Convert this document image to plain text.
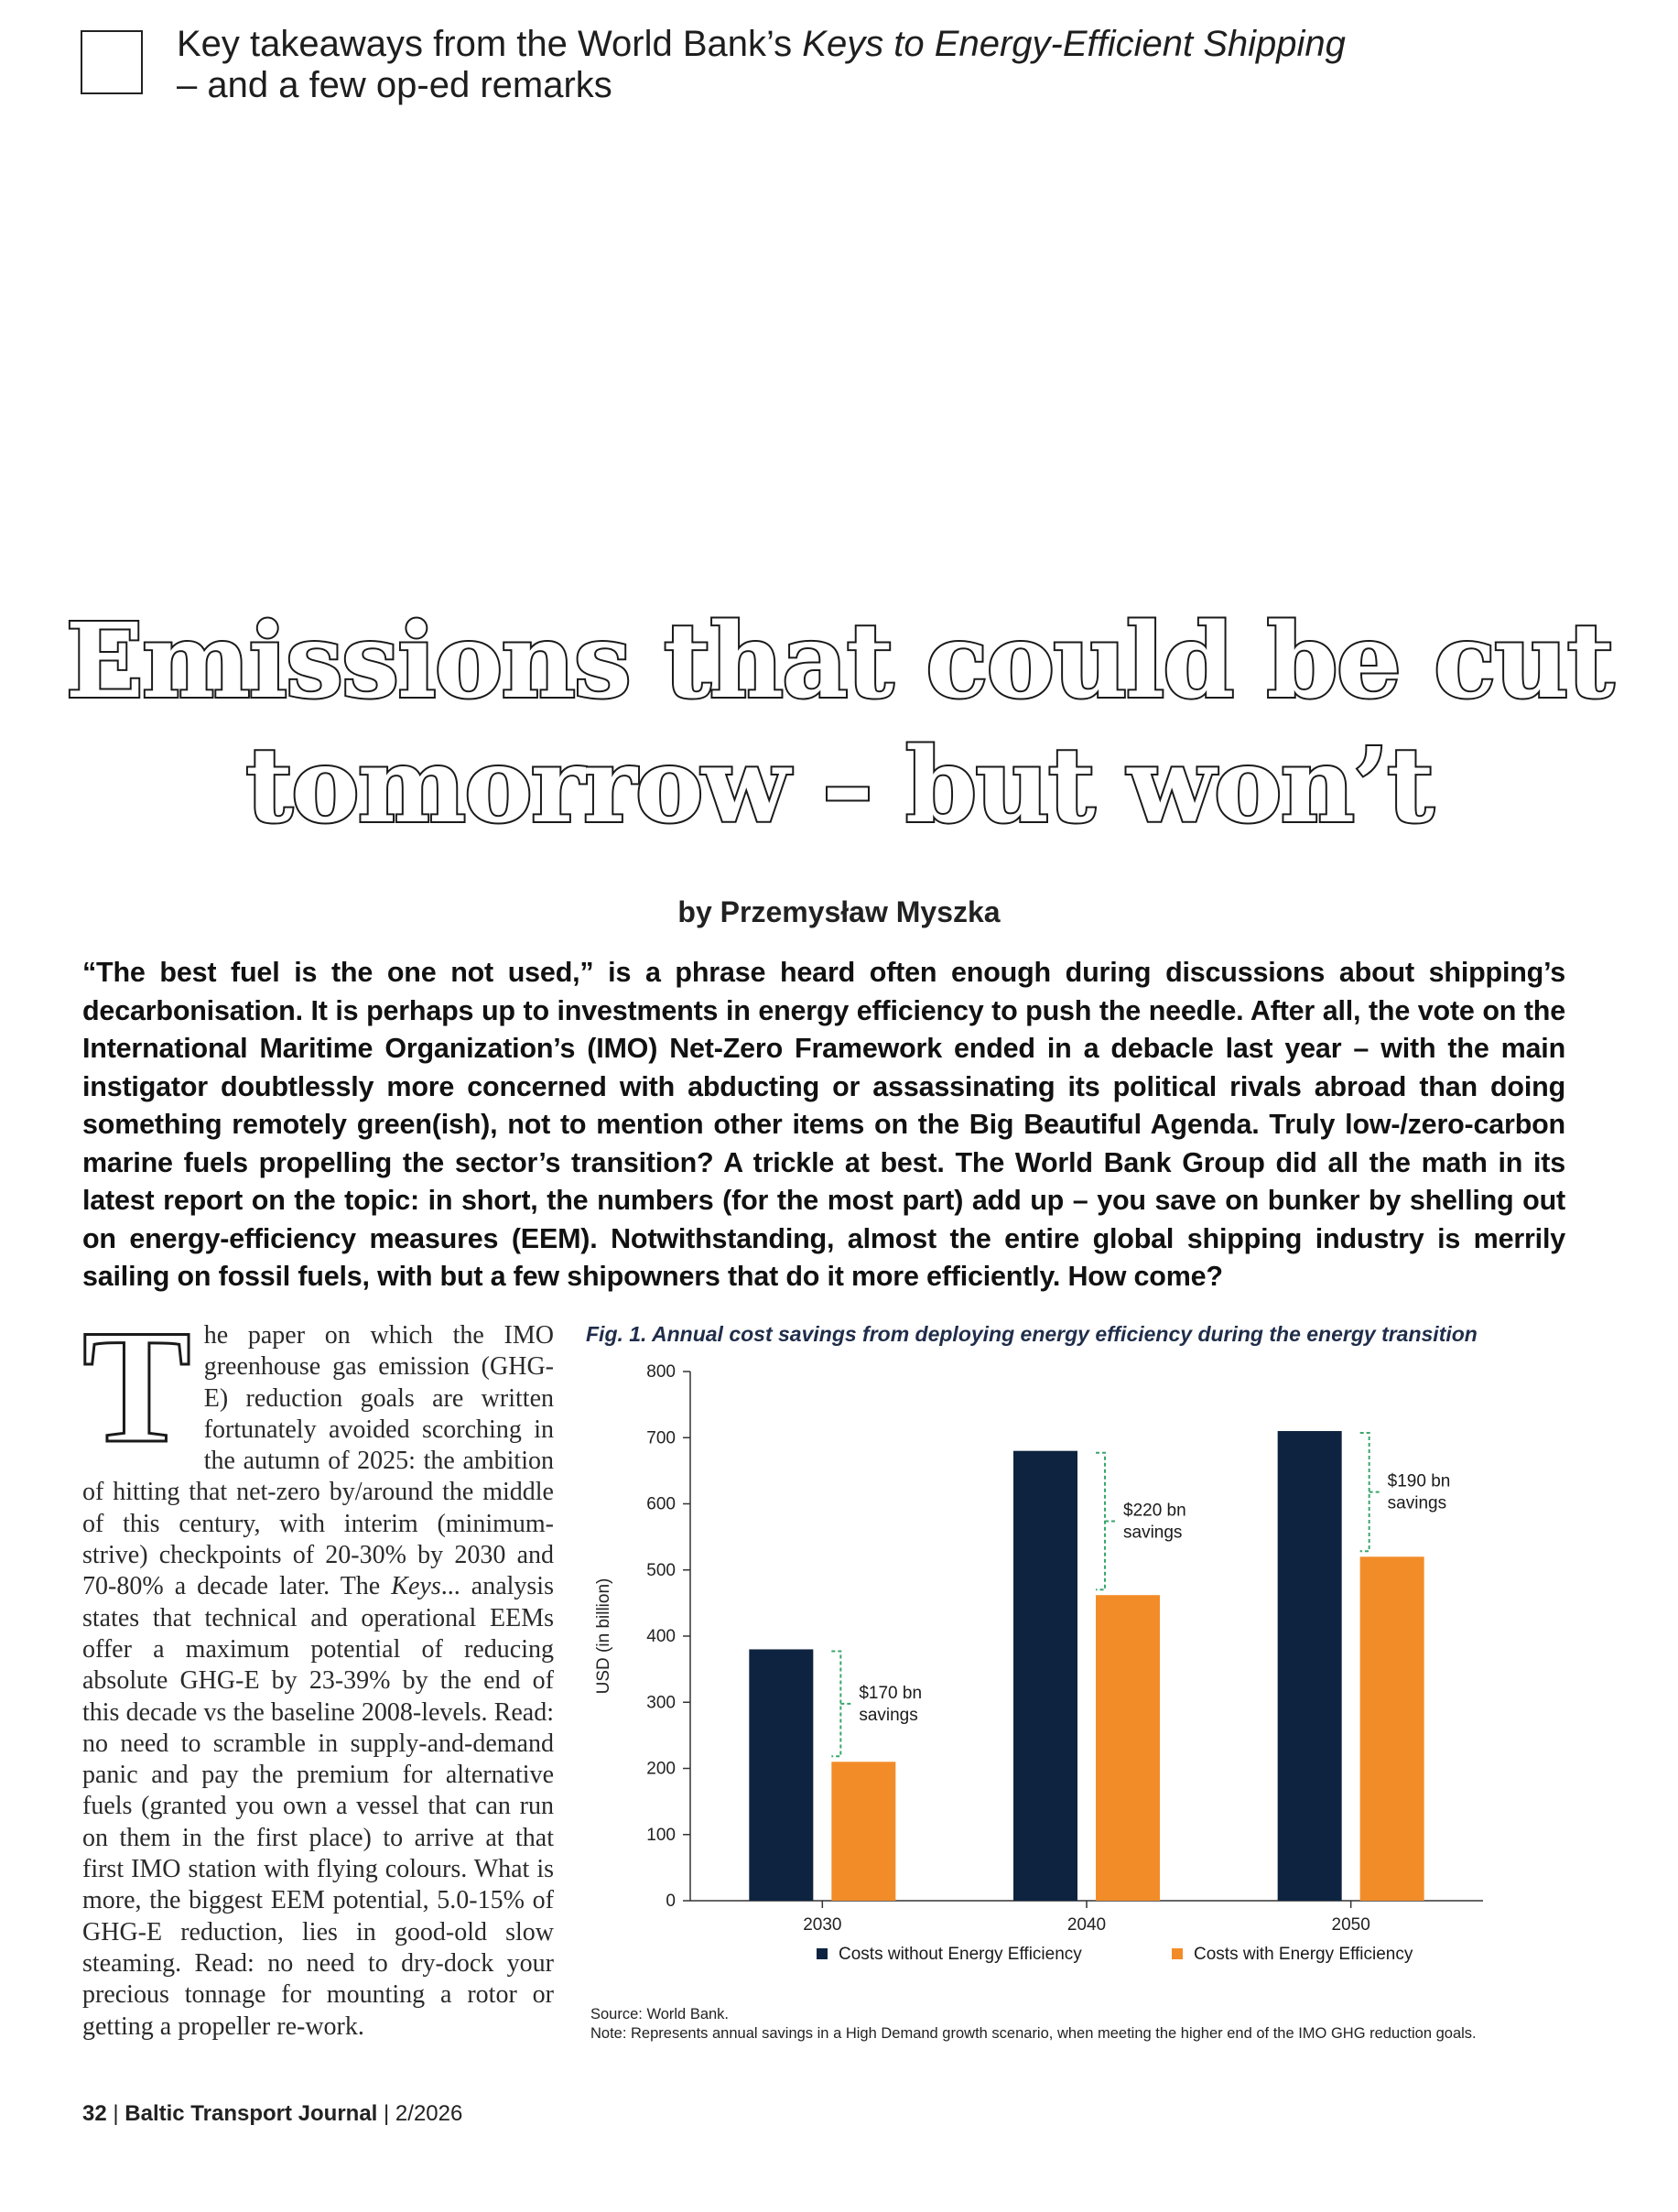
Key takeaways from the World Bank’s Keys to Energy-Efficient Shipping
– and a few op-ed remarks
Emissions that could be cut
tomorrow – but won’t
by Przemysław Myszka
“The best fuel is the one not used,” is a phrase heard often enough during discussions about shipping’s decarbonisation. It is perhaps up to investments in energy efficiency to push the needle. After all, the vote on the International Maritime Organization’s (IMO) Net-Zero Framework ended in a debacle last year – with the main instigator doubtlessly more concerned with abducting or assassinating its political rivals abroad than doing something remotely green(ish), not to mention other items on the Big Beautiful Agenda. Truly low-/zero-carbon marine fuels propelling the sector’s transition? A trickle at best. The World Bank Group did all the math in its latest report on the topic: in short, the numbers (for the most part) add up – you save on bunker by shelling out on energy-efficiency measures (EEM). Notwithstanding, almost the entire global shipping industry is merrily sailing on fossil fuels, with but a few shipowners that do it more efficiently. How come?
The paper on which the IMO greenhouse gas emission (GHG-E) reduction goals are written fortunately avoided scorching in the autumn of 2025: the ambition of hitting that net-zero by/around the middle of this century, with interim (minimum-strive) checkpoints of 20-30% by 2030 and 70-80% a decade later. The Keys... analysis states that technical and operational EEMs offer a maximum potential of reducing absolute GHG-E by 23-39% by the end of this decade vs the baseline 2008-levels. Read: no need to scramble in supply-and-demand panic and pay the premium for alternative fuels (granted you own a vessel that can run on them in the first place) to arrive at that first IMO station with flying colours. What is more, the biggest EEM potential, 5.0-15% of GHG-E reduction, lies in good-old slow steaming. Read: no need to dry-dock your precious tonnage for mounting a rotor or getting a propeller re-work.
32 | Baltic Transport Journal | 2/2026
Fig. 1. Annual cost savings from deploying energy efficiency during the energy transition
0
100
200
300
400
500
600
700
800
USD (in billion)
2030
$170 bn
savings
2040
$220 bn
savings
2050
$190 bn
savings
Costs without Energy Efficiency	Costs with Energy Efficiency
Source: World Bank.
Note: Represents annual savings in a High Demand growth scenario, when meeting the higher end of the IMO GHG reduction goals.
